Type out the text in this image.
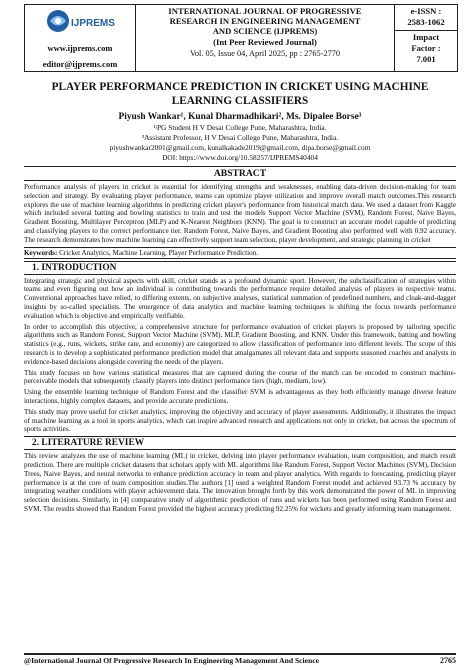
IJPREMS
www.ijprems.com
editor@ijprems.com
INTERNATIONAL JOURNAL OF PROGRESSIVE
RESEARCH IN ENGINEERING MANAGEMENT
AND SCIENCE (IJPREMS)
(Int Peer Reviewed Journal)
Vol. 05, Issue 04, April 2025, pp : 2765-2770
e-ISSN :
2583-1062
Impact
Factor :
7.001
PLAYER PERFORMANCE PREDICTION IN CRICKET USING MACHINE
LEARNING CLASSIFIERS
Piyush Wankar¹, Kunal Dharmadhikari², Ms. Dipalee Borse³
¹ʲPG Student H V Desai College Pune, Maharashtra, India.
³Assistant Professor, H V Desai College Pune, Maharashtra, India.
piyushwankar2001@gmail.com, kunalkakade2019@gmail.com, dipa.borse@gmail.com
DOI: https://www.doi.org/10.58257/IJPREMS40404
ABSTRACT

Performance analysis of players in cricket is essential for identifying strengths and weaknesses, enabling data-driven decision-making for team selection and strategy. By evaluating player performance, teams can optimize player utilization and improve overall match outcomes.This research explores the use of machine learning algorithms in predicting cricket player's performance from historical match data. We used a dataset from Kaggle which included several batting and bowling statistics to train and test the models Support Vector Machine (SVM), Random Forest, Naive Bayes, Gradient Boosting, Multilayer Perceptron (MLP) and K-Nearest Neighbors (KNN). The goal is to construct an accurate model capable of predicting and classifying players to the correct performance tier. Random Forest, Naive Bayes, and Gradient Boosting also performed well with 0.92 accuracy. The research demonstrates how machine learning can effectively support team selection, player development, and strategic planning in cricket

Keywords: Cricket Analytics, Machine Learning, Player Performance Prediction.
1. INTRODUCTION

Integrating strategic and physical aspects with skill, cricket stands as a profound dynamic sport. However, the subclassification of strategies within teams and even figuring out how an individual is contributing towards the performance require detailed analysis of players in respective teams. Conventional approaches have relied, to differing extents, on subjective analyses, statistical summation of predefined numbers, and cloak-and-dagger insights by so-called specialists. The emergence of data analytics and machine learning techniques is shifting the focus towards performance evaluation which is objective and empirically verifiable.

In order to accomplish this objective, a comprehensive structure for performance evaluation of cricket players is proposed by tailoring specific algorithms such as Random Forest, Support Vector Machine (SVM), MLP, Gradient Boosting, and KNN. Under this framework, batting and bowling statistics (e.g., runs, wickets, strike rate, and economy) are categorized to allow classification of performance into different levels. The scope of this research is to develop a sophisticated performance prediction model that amalgamates all relevant data and supports seasoned coaches and analysts in evidence-based decisions alongside covering the needs of the players.

This study focuses on how various statistical measures that are captured during the course of the match can be encoded to construct machine-perceivable models that subsequently classify players into distinct performance tiers (high, medium, low).

Using the ensemble learning technique of Random Forest and the classifier SVM is advantageous as they both efficiently manage diverse feature interactions, highly complex datasets, and provide accurate predictions.

This study may prove useful for cricket analytics, improving the objectivity and accuracy of player assessments. Additionally, it illustrates the impact of machine learning as a tool in sports analytics, which can inspire advanced research and applications not only in cricket, but across the spectrum of sports activities.

2. LITERATURE REVIEW

This review analyzes the use of machine learning (ML) in cricket, delving into player performance evaluation, team composition, and match result prediction. There are multiple cricket datasets that scholars apply with ML algorithms like Random Forest, Support Vector Machines (SVM), Decision Trees, Naive Bayes, and neural networks to enhance prediction accuracy in team and player analytics. With regards to forecasting, predicting player performance is at the core of team composition studies.The authors [1] used a weighted Random Forest model and achieved 93.73 % accuracy by integrating weather conditions with player achievement data. The innovation brought forth by this work demonstrated the power of ML in improving selection decisions. Similarly, in [4] comparative study of algorithmic prediction of runs and wickets has been performed using Random Forest and SVM. The results showed that Random Forest provided the highest accuracy predicting 92.25% for wickets and greatly informing team management.

@International Journal Of Progressive Research In Engineering Management And Science	2765
